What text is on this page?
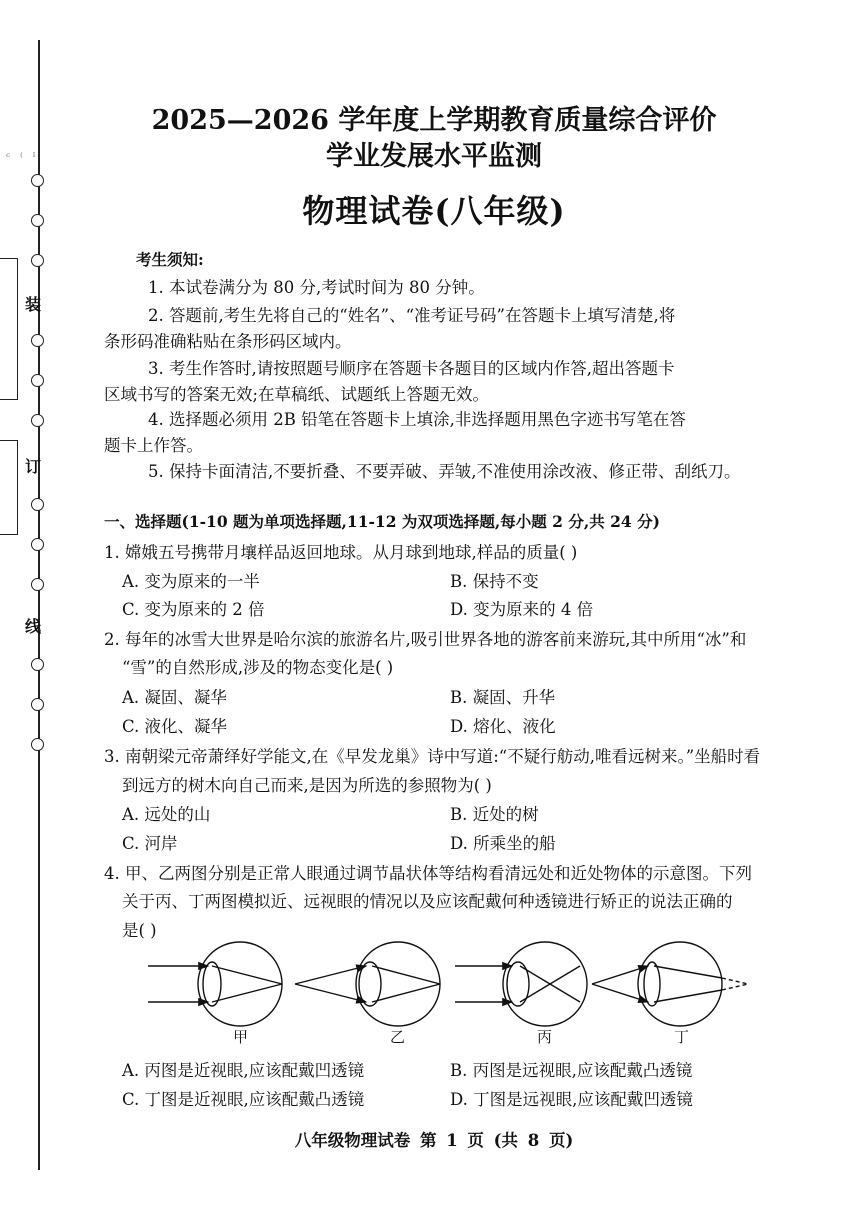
ᶜ ⁽ ˡ
装
订
线
2025—2026 学年度上学期教育质量综合评价
学业发展水平监测
物理试卷(八年级)
考生须知:
1. 本试卷满分为 80 分,考试时间为 80 分钟。
2. 答题前,考生先将自己的“姓名”、“准考证号码”在答题卡上填写清楚,将
条形码准确粘贴在条形码区域内。
3. 考生作答时,请按照题号顺序在答题卡各题目的区域内作答,超出答题卡
区域书写的答案无效;在草稿纸、试题纸上答题无效。
4. 选择题必须用 2B 铅笔在答题卡上填涂,非选择题用黑色字迹书写笔在答
题卡上作答。
5. 保持卡面清洁,不要折叠、不要弄破、弄皱,不准使用涂改液、修正带、刮纸刀。
一、选择题(1-10 题为单项选择题,11-12 为双项选择题,每小题 2 分,共 24 分)
1. 嫦娥五号携带月壤样品返回地球。从月球到地球,样品的质量( )
A. 变为原来的一半	B. 保持不变
C. 变为原来的 2 倍	D. 变为原来的 4 倍
2. 每年的冰雪大世界是哈尔滨的旅游名片,吸引世界各地的游客前来游玩,其中所用“冰”和
“雪”的自然形成,涉及的物态变化是( )
A. 凝固、凝华	B. 凝固、升华
C. 液化、凝华	D. 熔化、液化
3. 南朝梁元帝萧绎好学能文,在《早发龙巢》诗中写道:“不疑行舫动,唯看远树来。”坐船时看
到远方的树木向自己而来,是因为所选的参照物为( )
A. 远处的山	B. 近处的树
C. 河岸	D. 所乘坐的船
4. 甲、乙两图分别是正常人眼通过调节晶状体等结构看清远处和近处物体的示意图。下列
关于丙、丁两图模拟近、远视眼的情况以及应该配戴何种透镜进行矫正的说法正确的
是( )
甲	乙	丙	丁
A. 丙图是近视眼,应该配戴凹透镜	B. 丙图是远视眼,应该配戴凸透镜
C. 丁图是近视眼,应该配戴凸透镜	D. 丁图是远视眼,应该配戴凹透镜
八年级物理试卷 第 1 页 (共 8 页)
